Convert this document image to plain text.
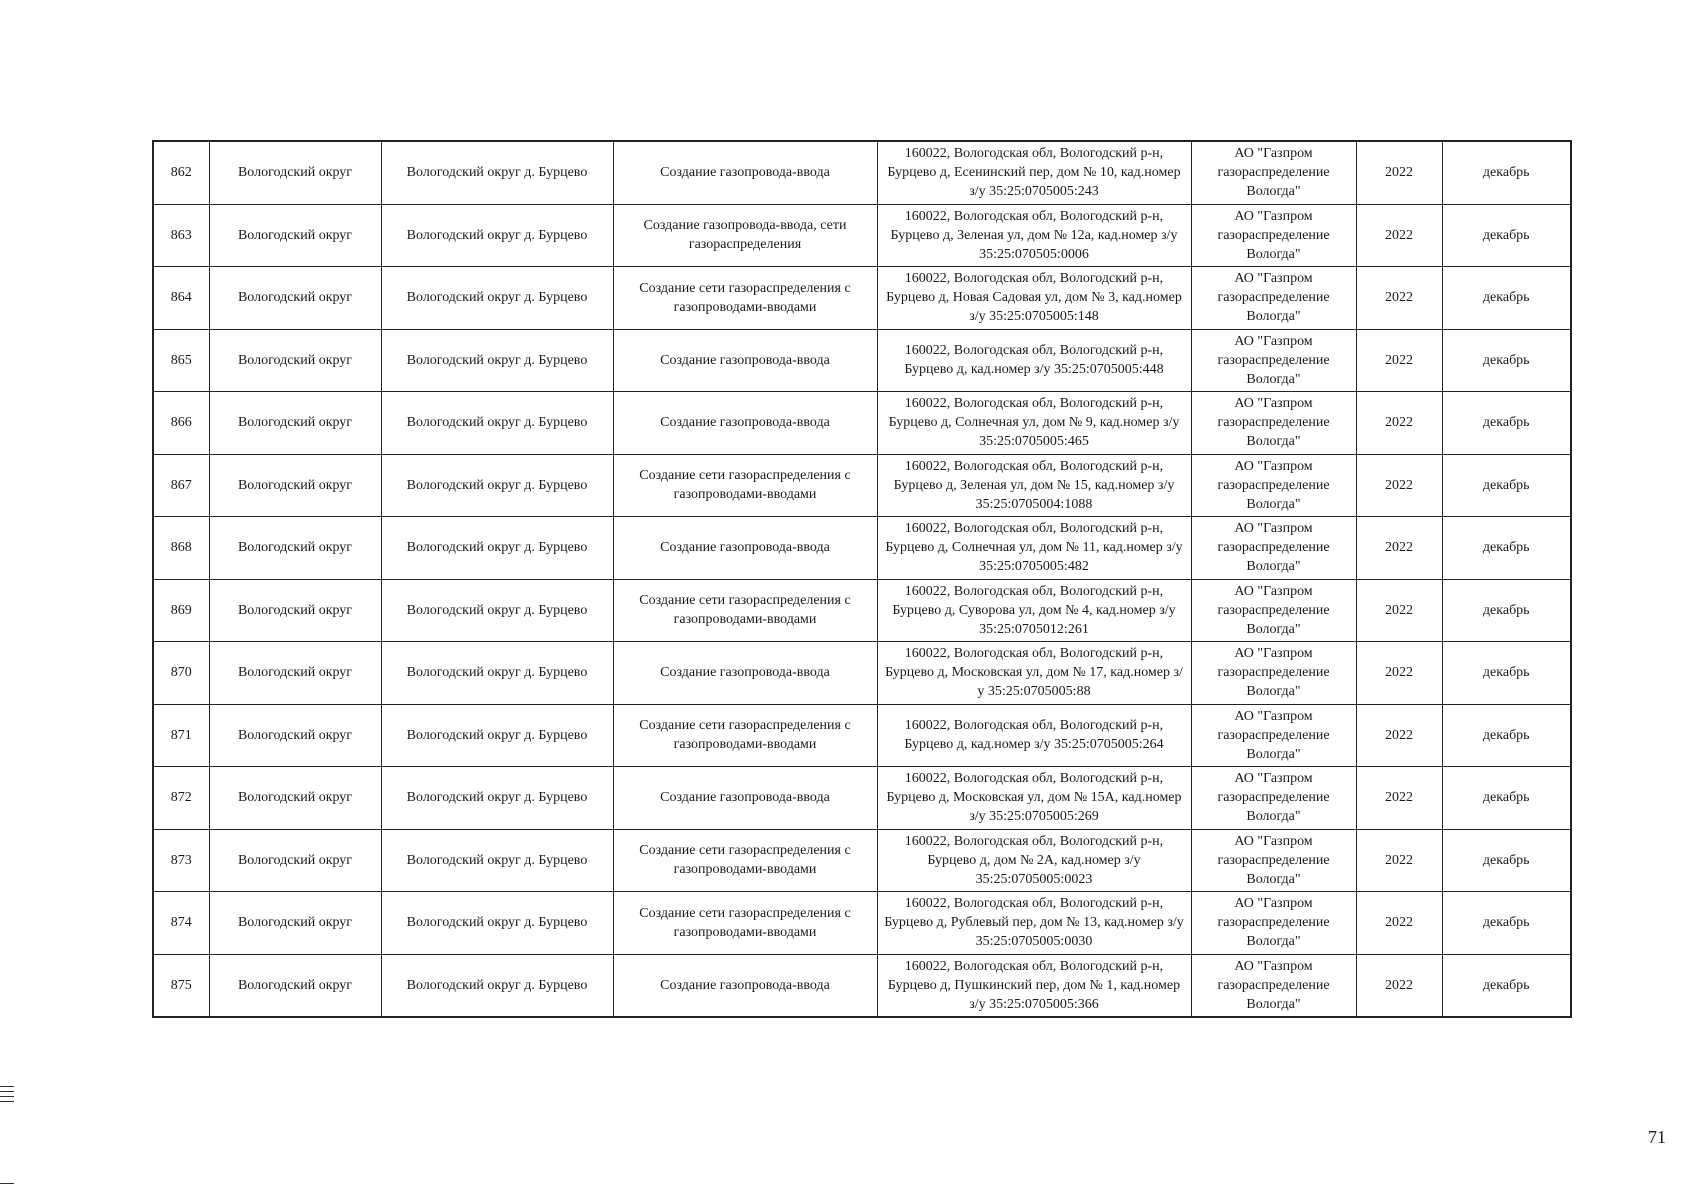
862	Вологодский округ	Вологодский округ д. Бурцево	Создание газопровода-ввода	160022, Вологодская обл, Вологодский р-н, Бурцево д, Есенинский пер, дом № 10, кад.номер з/у 35:25:0705005:243	АО "Газпром газораспределение Вологда"	2022	декабрь
863	Вологодский округ	Вологодский округ д. Бурцево	Создание газопровода-ввода, сети газораспределения	160022, Вологодская обл, Вологодский р-н, Бурцево д, Зеленая ул, дом № 12а, кад.номер з/у 35:25:070505:0006	АО "Газпром газораспределение Вологда"	2022	декабрь
864	Вологодский округ	Вологодский округ д. Бурцево	Создание сети газораспределения с газопроводами-вводами	160022, Вологодская обл, Вологодский р-н, Бурцево д, Новая Садовая ул, дом № 3, кад.номер з/у 35:25:0705005:148	АО "Газпром газораспределение Вологда"	2022	декабрь
865	Вологодский округ	Вологодский округ д. Бурцево	Создание газопровода-ввода	160022, Вологодская обл, Вологодский р-н, Бурцево д, кад.номер з/у 35:25:0705005:448	АО "Газпром газораспределение Вологда"	2022	декабрь
866	Вологодский округ	Вологодский округ д. Бурцево	Создание газопровода-ввода	160022, Вологодская обл, Вологодский р-н, Бурцево д, Солнечная ул, дом № 9, кад.номер з/у 35:25:0705005:465	АО "Газпром газораспределение Вологда"	2022	декабрь
867	Вологодский округ	Вологодский округ д. Бурцево	Создание сети газораспределения с газопроводами-вводами	160022, Вологодская обл, Вологодский р-н, Бурцево д, Зеленая ул, дом № 15, кад.номер з/у 35:25:0705004:1088	АО "Газпром газораспределение Вологда"	2022	декабрь
868	Вологодский округ	Вологодский округ д. Бурцево	Создание газопровода-ввода	160022, Вологодская обл, Вологодский р-н, Бурцево д, Солнечная ул, дом № 11, кад.номер з/у 35:25:0705005:482	АО "Газпром газораспределение Вологда"	2022	декабрь
869	Вологодский округ	Вологодский округ д. Бурцево	Создание сети газораспределения с газопроводами-вводами	160022, Вологодская обл, Вологодский р-н, Бурцево д, Суворова ул, дом № 4, кад.номер з/у 35:25:0705012:261	АО "Газпром газораспределение Вологда"	2022	декабрь
870	Вологодский округ	Вологодский округ д. Бурцево	Создание газопровода-ввода	160022, Вологодская обл, Вологодский р-н, Бурцево д, Московская ул, дом № 17, кад.номер з/у 35:25:0705005:88	АО "Газпром газораспределение Вологда"	2022	декабрь
871	Вологодский округ	Вологодский округ д. Бурцево	Создание сети газораспределения с газопроводами-вводами	160022, Вологодская обл, Вологодский р-н, Бурцево д, кад.номер з/у 35:25:0705005:264	АО "Газпром газораспределение Вологда"	2022	декабрь
872	Вологодский округ	Вологодский округ д. Бурцево	Создание газопровода-ввода	160022, Вологодская обл, Вологодский р-н, Бурцево д, Московская ул, дом № 15А, кад.номер з/у 35:25:0705005:269	АО "Газпром газораспределение Вологда"	2022	декабрь
873	Вологодский округ	Вологодский округ д. Бурцево	Создание сети газораспределения с газопроводами-вводами	160022, Вологодская обл, Вологодский р-н, Бурцево д, дом № 2А, кад.номер з/у 35:25:0705005:0023	АО "Газпром газораспределение Вологда"	2022	декабрь
874	Вологодский округ	Вологодский округ д. Бурцево	Создание сети газораспределения с газопроводами-вводами	160022, Вологодская обл, Вологодский р-н, Бурцево д, Рублевый пер, дом № 13, кад.номер з/у 35:25:0705005:0030	АО "Газпром газораспределение Вологда"	2022	декабрь
875	Вологодский округ	Вологодский округ д. Бурцево	Создание газопровода-ввода	160022, Вологодская обл, Вологодский р-н, Бурцево д, Пушкинский пер, дом № 1, кад.номер з/у 35:25:0705005:366	АО "Газпром газораспределение Вологда"	2022	декабрь
71
